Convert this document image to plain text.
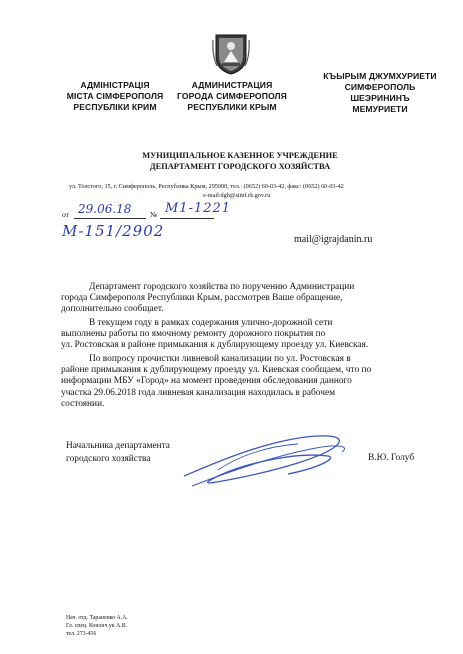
АДМІНІСТРАЦІЯ
МІСТА СІМФЕРОПОЛЯ
РЕСПУБЛІКИ КРИМ
АДМИНИСТРАЦИЯ
ГОРОДА СИМФЕРОПОЛЯ
РЕСПУБЛИКИ КРЫМ
КЪЫРЫМ ДЖУМХУРИЕТИ
СИМФЕРОПОЛЬ
ШЕЭРИНИНЪ
МЕМУРИЕТИ
МУНИЦИПАЛЬНОЕ КАЗЕННОЕ УЧРЕЖДЕНИЕ
ДЕПАРТАМЕНТ ГОРОДСКОГО ХОЗЯЙСТВА
ул. Толстого, 15, г. Симферополь, Республика Крым, 295000, тел.: (0652) 60-03-42, факс: (0652) 60-03-42
e-mail:dgh@simf.rk.gov.ru
от 29.06.18 № М1-1221
М-151/2902	mail@igrajdanin.ru
Департамент городского хозяйства по поручению Администрации
города Симферополя Республики Крым, рассмотрев Ваше обращение,
дополнительно сообщает.
В текущем году в рамках содержания улично-дорожной сети
выполнены работы по ямочному ремонту дорожного покрытия по
ул. Ростовская в районе примыкания к дублирующему проезду ул. Киевская.
По вопросу прочистки ливневой канализации по ул. Ростовская в
районе примыкания к дублирующему проезду ул. Киевская сообщаем, что по
информации МБУ «Город» на момент проведения обследования данного
участка 29.06.2018 года ливневая канализация находилась в рабочем
состоянии.
Начальника департамента
городского хозяйства	В.Ю. Голуб
Нач. отд. Тараненко А.А.
Гл. спец. Кононч.ук А.В.
тел. 273-456
